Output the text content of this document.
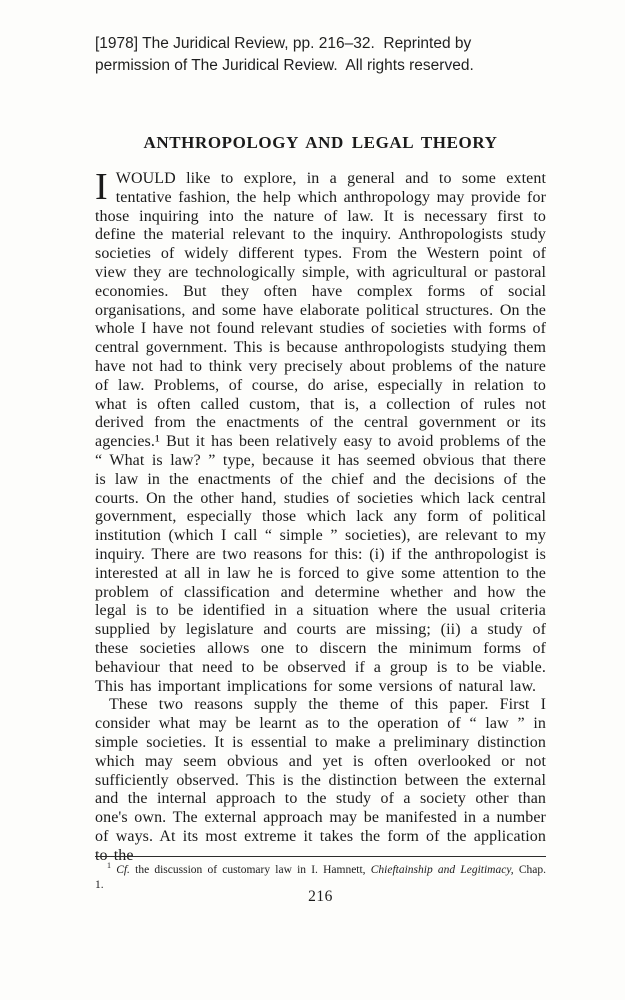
[1978] The Juridical Review, pp. 216–32.  Reprinted by
permission of The Juridical Review.  All rights reserved.
ANTHROPOLOGY AND LEGAL THEORY

I WOULD like to explore, in a general and to some extent tentative fashion, the help which anthropology may provide for those inquiring into the nature of law. It is necessary first to define the material relevant to the inquiry. Anthropologists study societies of widely different types. From the Western point of view they are technologically simple, with agricultural or pastoral economies. But they often have complex forms of social organisations, and some have elaborate political structures. On the whole I have not found relevant studies of societies with forms of central government. This is because anthropologists studying them have not had to think very precisely about problems of the nature of law. Problems, of course, do arise, especially in relation to what is often called custom, that is, a collection of rules not derived from the enactments of the central government or its agencies.¹ But it has been relatively easy to avoid problems of the “ What is law? ” type, because it has seemed obvious that there is law in the enactments of the chief and the decisions of the courts. On the other hand, studies of societies which lack central government, especially those which lack any form of political institution (which I call “ simple ” societies), are relevant to my inquiry. There are two reasons for this: (i) if the anthropologist is interested at all in law he is forced to give some attention to the problem of classification and determine whether and how the legal is to be identified in a situation where the usual criteria supplied by legislature and courts are missing; (ii) a study of these societies allows one to discern the minimum forms of behaviour that need to be observed if a group is to be viable. This has important implications for some versions of natural law.

These two reasons supply the theme of this paper. First I consider what may be learnt as to the operation of “ law ” in simple societies. It is essential to make a preliminary distinction which may seem obvious and yet is often overlooked or not sufficiently observed. This is the distinction between the external and the internal approach to the study of a society other than one's own. The external approach may be manifested in a number of ways. At its most extreme it takes the form of the application to the

$^1$ Cf. the discussion of customary law in I. Hamnett, Chieftainship and Legitimacy, Chap. 1.
216
